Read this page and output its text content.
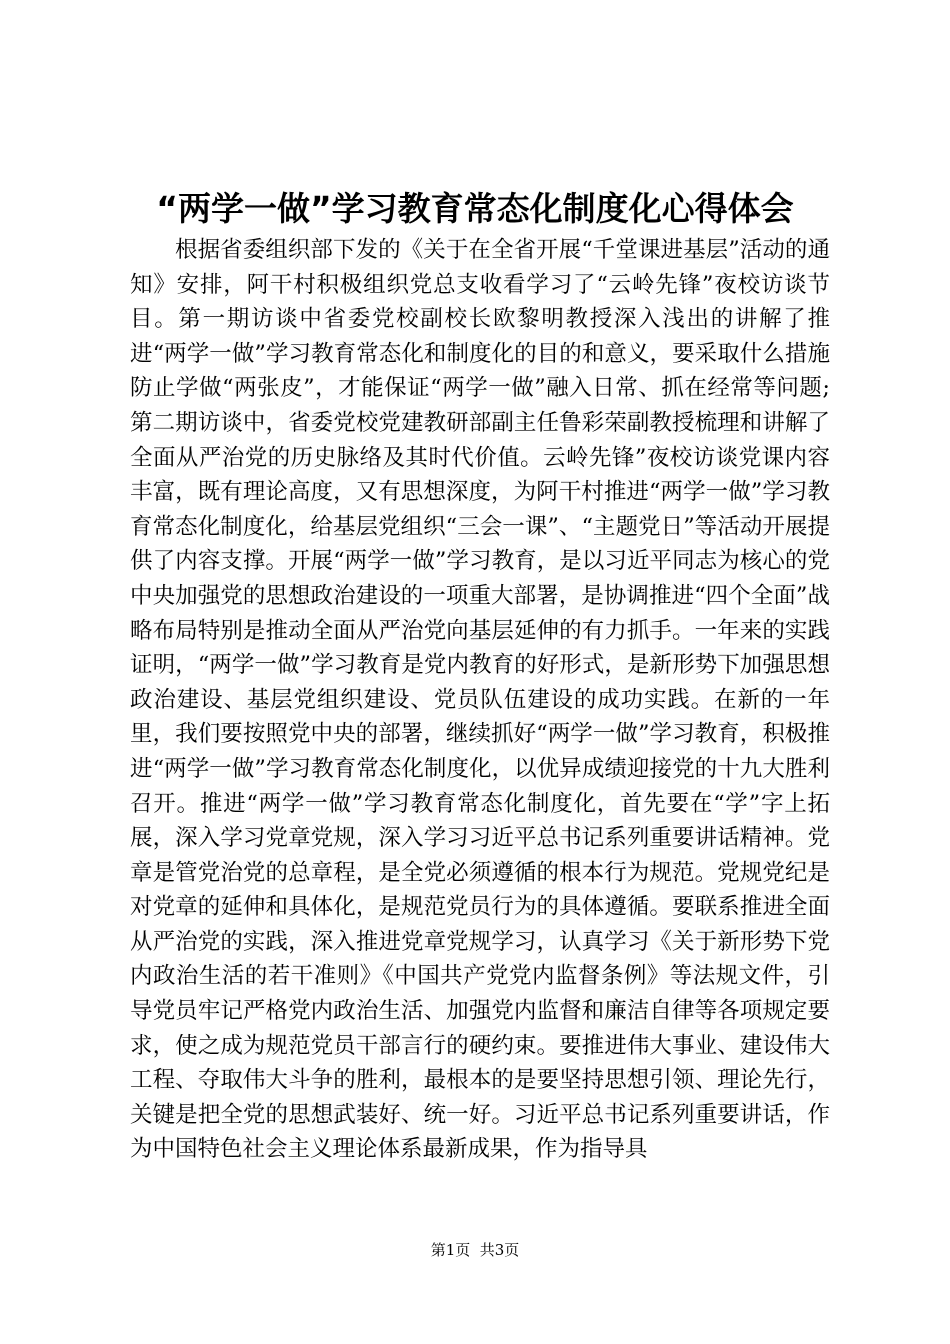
“两学一做”学习教育常态化制度化心得体会

根据省委组织部下发的《关于在全省开展“千堂课进基层”活动的通知》安排，阿干村积极组织党总支收看学习了“云岭先锋”夜校访谈节目。第一期访谈中省委党校副校长欧黎明教授深入浅出的讲解了推进“两学一做”学习教育常态化和制度化的目的和意义，要采取什么措施防止学做“两张皮”，才能保证“两学一做”融入日常、抓在经常等问题;第二期访谈中，省委党校党建教研部副主任鲁彩荣副教授梳理和讲解了全面从严治党的历史脉络及其时代价值。云岭先锋”夜校访谈党课内容丰富，既有理论高度，又有思想深度，为阿干村推进“两学一做”学习教育常态化制度化，给基层党组织“三会一课”、“主题党日”等活动开展提供了内容支撑。开展“两学一做”学习教育，是以习近平同志为核心的党中央加强党的思想政治建设的一项重大部署，是协调推进“四个全面”战略布局特别是推动全面从严治党向基层延伸的有力抓手。一年来的实践证明，“两学一做”学习教育是党内教育的好形式，是新形势下加强思想政治建设、基层党组织建设、党员队伍建设的成功实践。在新的一年里，我们要按照党中央的部署，继续抓好“两学一做”学习教育，积极推进“两学一做”学习教育常态化制度化，以优异成绩迎接党的十九大胜利召开。推进“两学一做”学习教育常态化制度化，首先要在“学”字上拓展，深入学习党章党规，深入学习习近平总书记系列重要讲话精神。党章是管党治党的总章程，是全党必须遵循的根本行为规范。党规党纪是对党章的延伸和具体化，是规范党员行为的具体遵循。要联系推进全面从严治党的实践，深入推进党章党规学习，认真学习《关于新形势下党内政治生活的若干准则》《中国共产党党内监督条例》等法规文件，引导党员牢记严格党内政治生活、加强党内监督和廉洁自律等各项规定要求，使之成为规范党员干部言行的硬约束。要推进伟大事业、建设伟大工程、夺取伟大斗争的胜利，最根本的是要坚持思想引领、理论先行，关键是把全党的思想武装好、统一好。习近平总书记系列重要讲话，作为中国特色社会主义理论体系最新成果，作为指导具

第1页  共3页
